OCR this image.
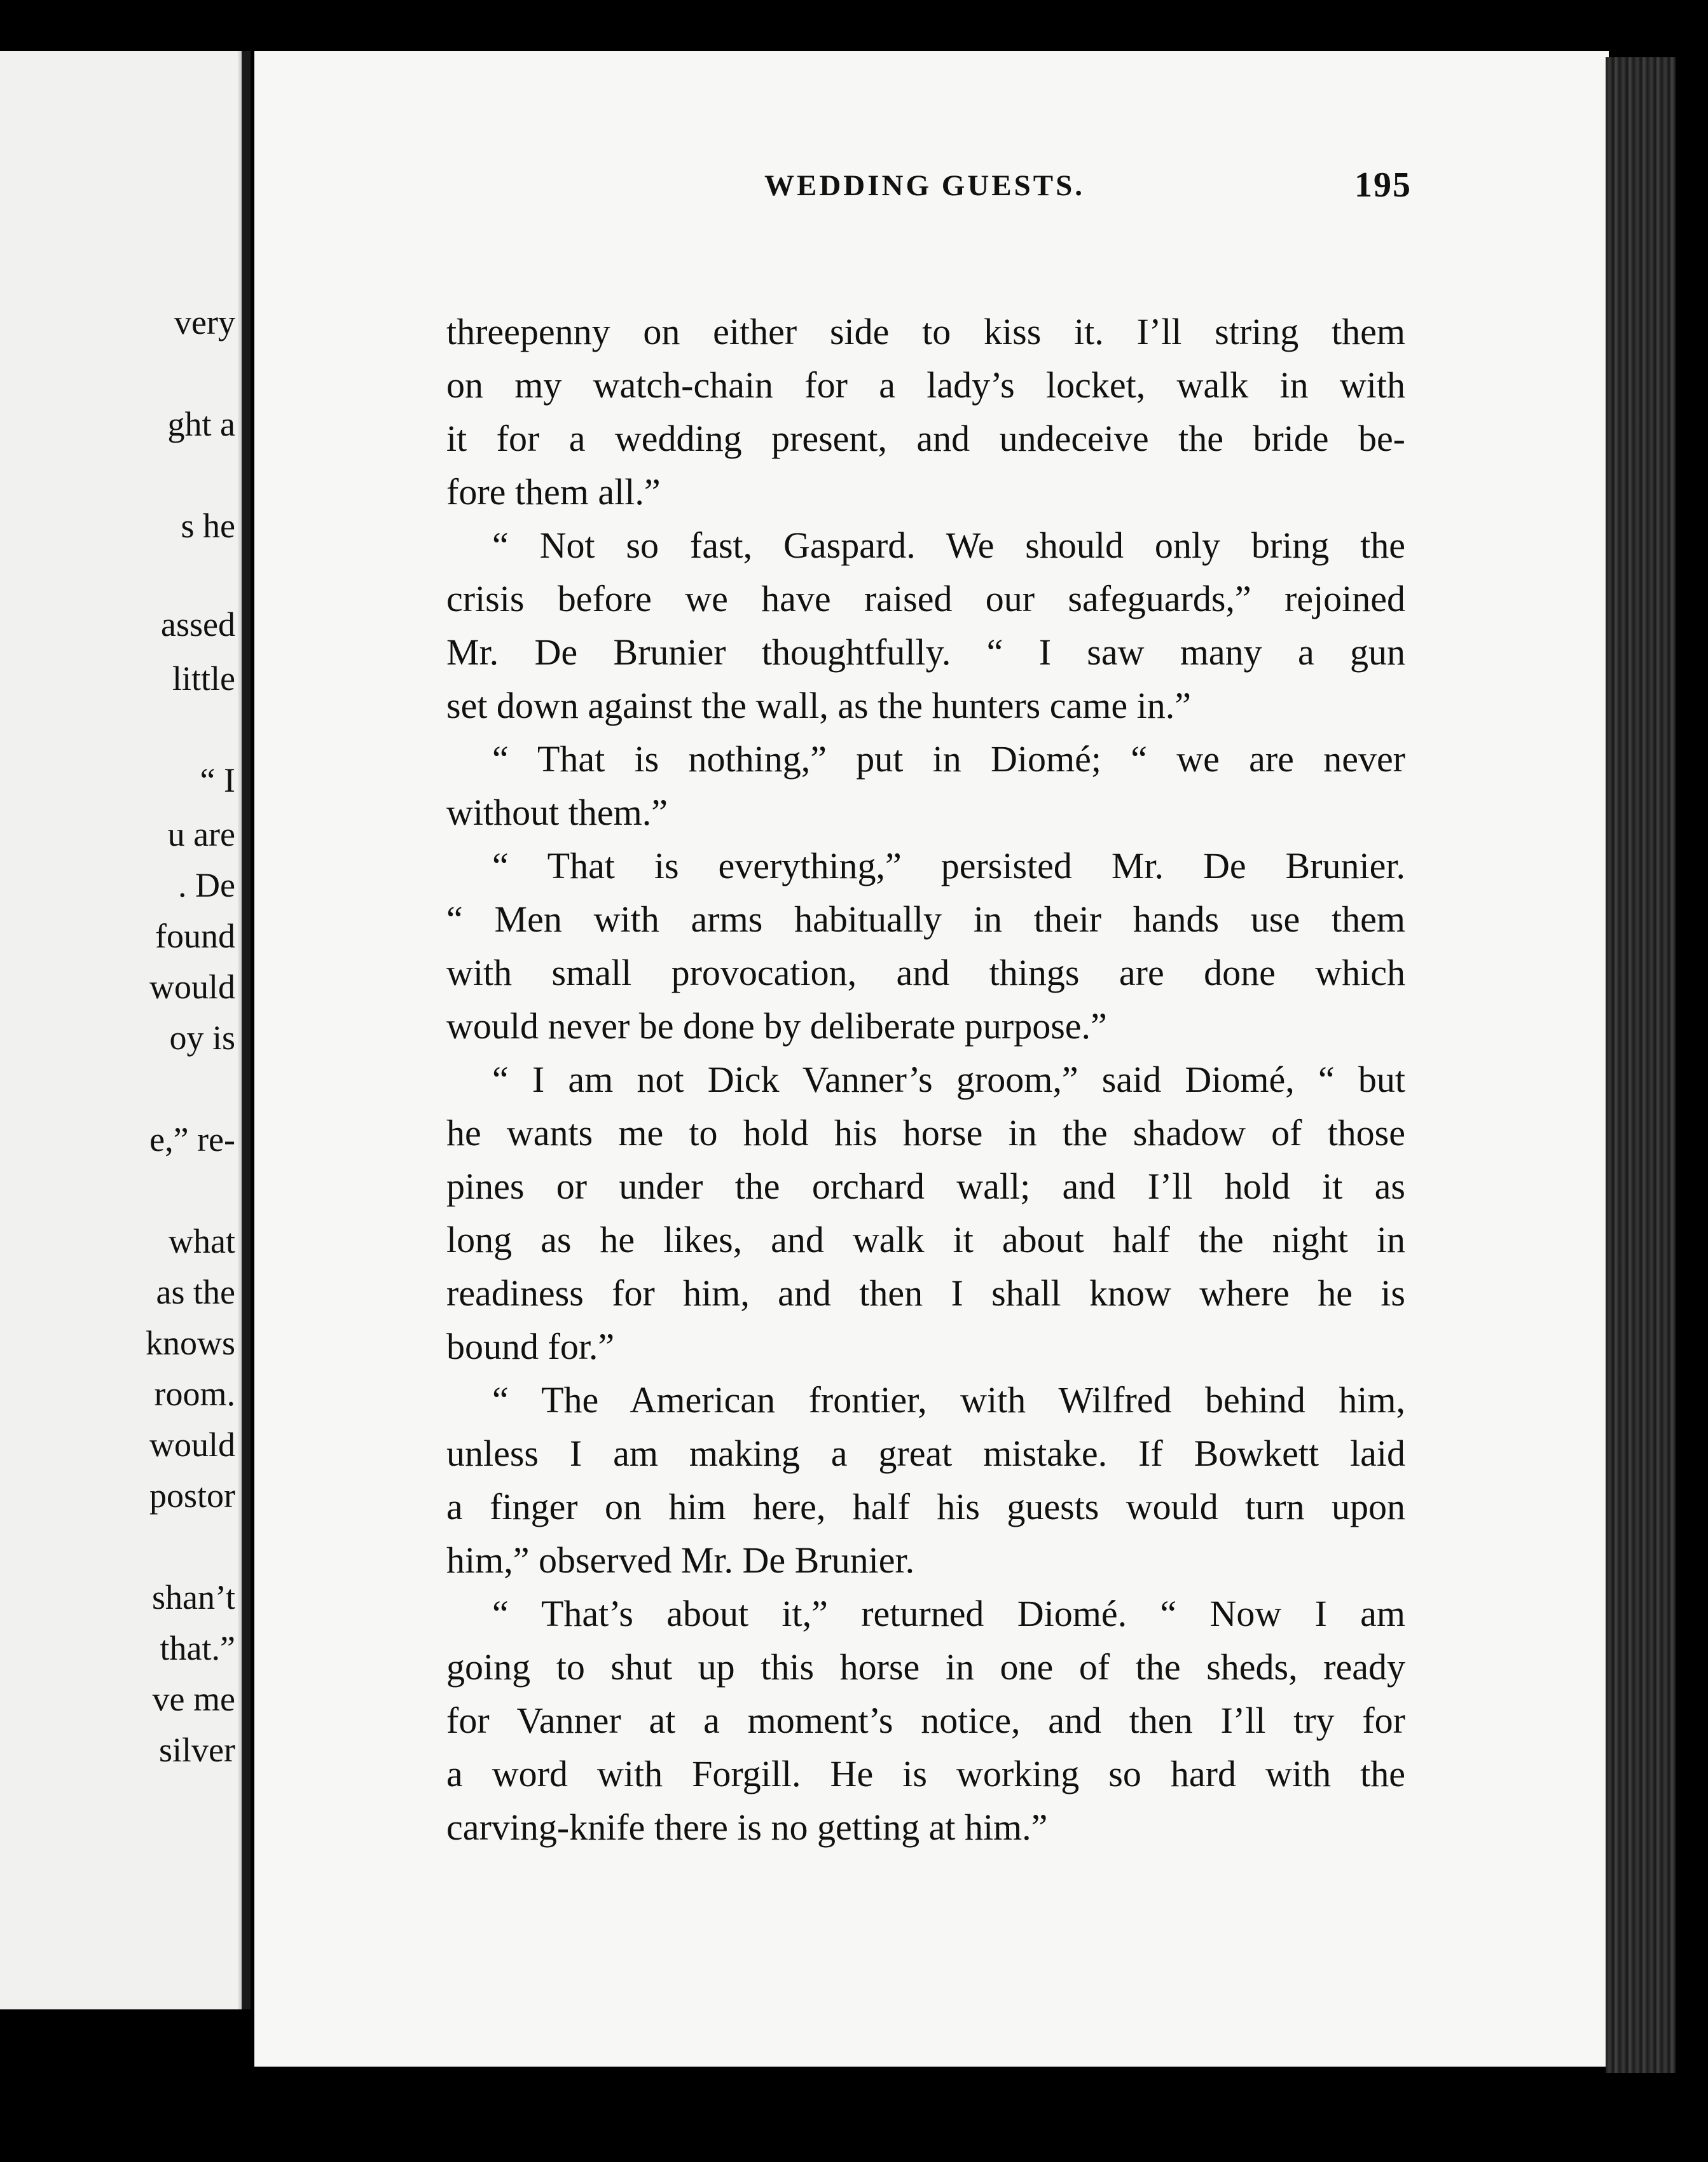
very
ght a
s he
assed
little
“ I
u are
. De
found
would
oy is
e,” re-
what
as the
knows
room.
would
postor
shan’t
that.”
ve me
silver
WEDDING GUESTS.	195
threepenny on either side to kiss it. I’ll string them
on my watch-chain for a lady’s locket, walk in with
it for a wedding present, and undeceive the bride be-
fore them all.”
“ Not so fast, Gaspard. We should only bring the
crisis before we have raised our safeguards,” rejoined
Mr. De Brunier thoughtfully. “ I saw many a gun
set down against the wall, as the hunters came in.”
“ That is nothing,” put in Diomé; “ we are never
without them.”
“ That is everything,” persisted Mr. De Brunier.
“ Men with arms habitually in their hands use them
with small provocation, and things are done which
would never be done by deliberate purpose.”
“ I am not Dick Vanner’s groom,” said Diomé, “ but
he wants me to hold his horse in the shadow of those
pines or under the orchard wall; and I’ll hold it as
long as he likes, and walk it about half the night in
readiness for him, and then I shall know where he is
bound for.”
“ The American frontier, with Wilfred behind him,
unless I am making a great mistake. If Bowkett laid
a finger on him here, half his guests would turn upon
him,” observed Mr. De Brunier.
“ That’s about it,” returned Diomé. “ Now I am
going to shut up this horse in one of the sheds, ready
for Vanner at a moment’s notice, and then I’ll try for
a word with Forgill. He is working so hard with the
carving-knife there is no getting at him.”
